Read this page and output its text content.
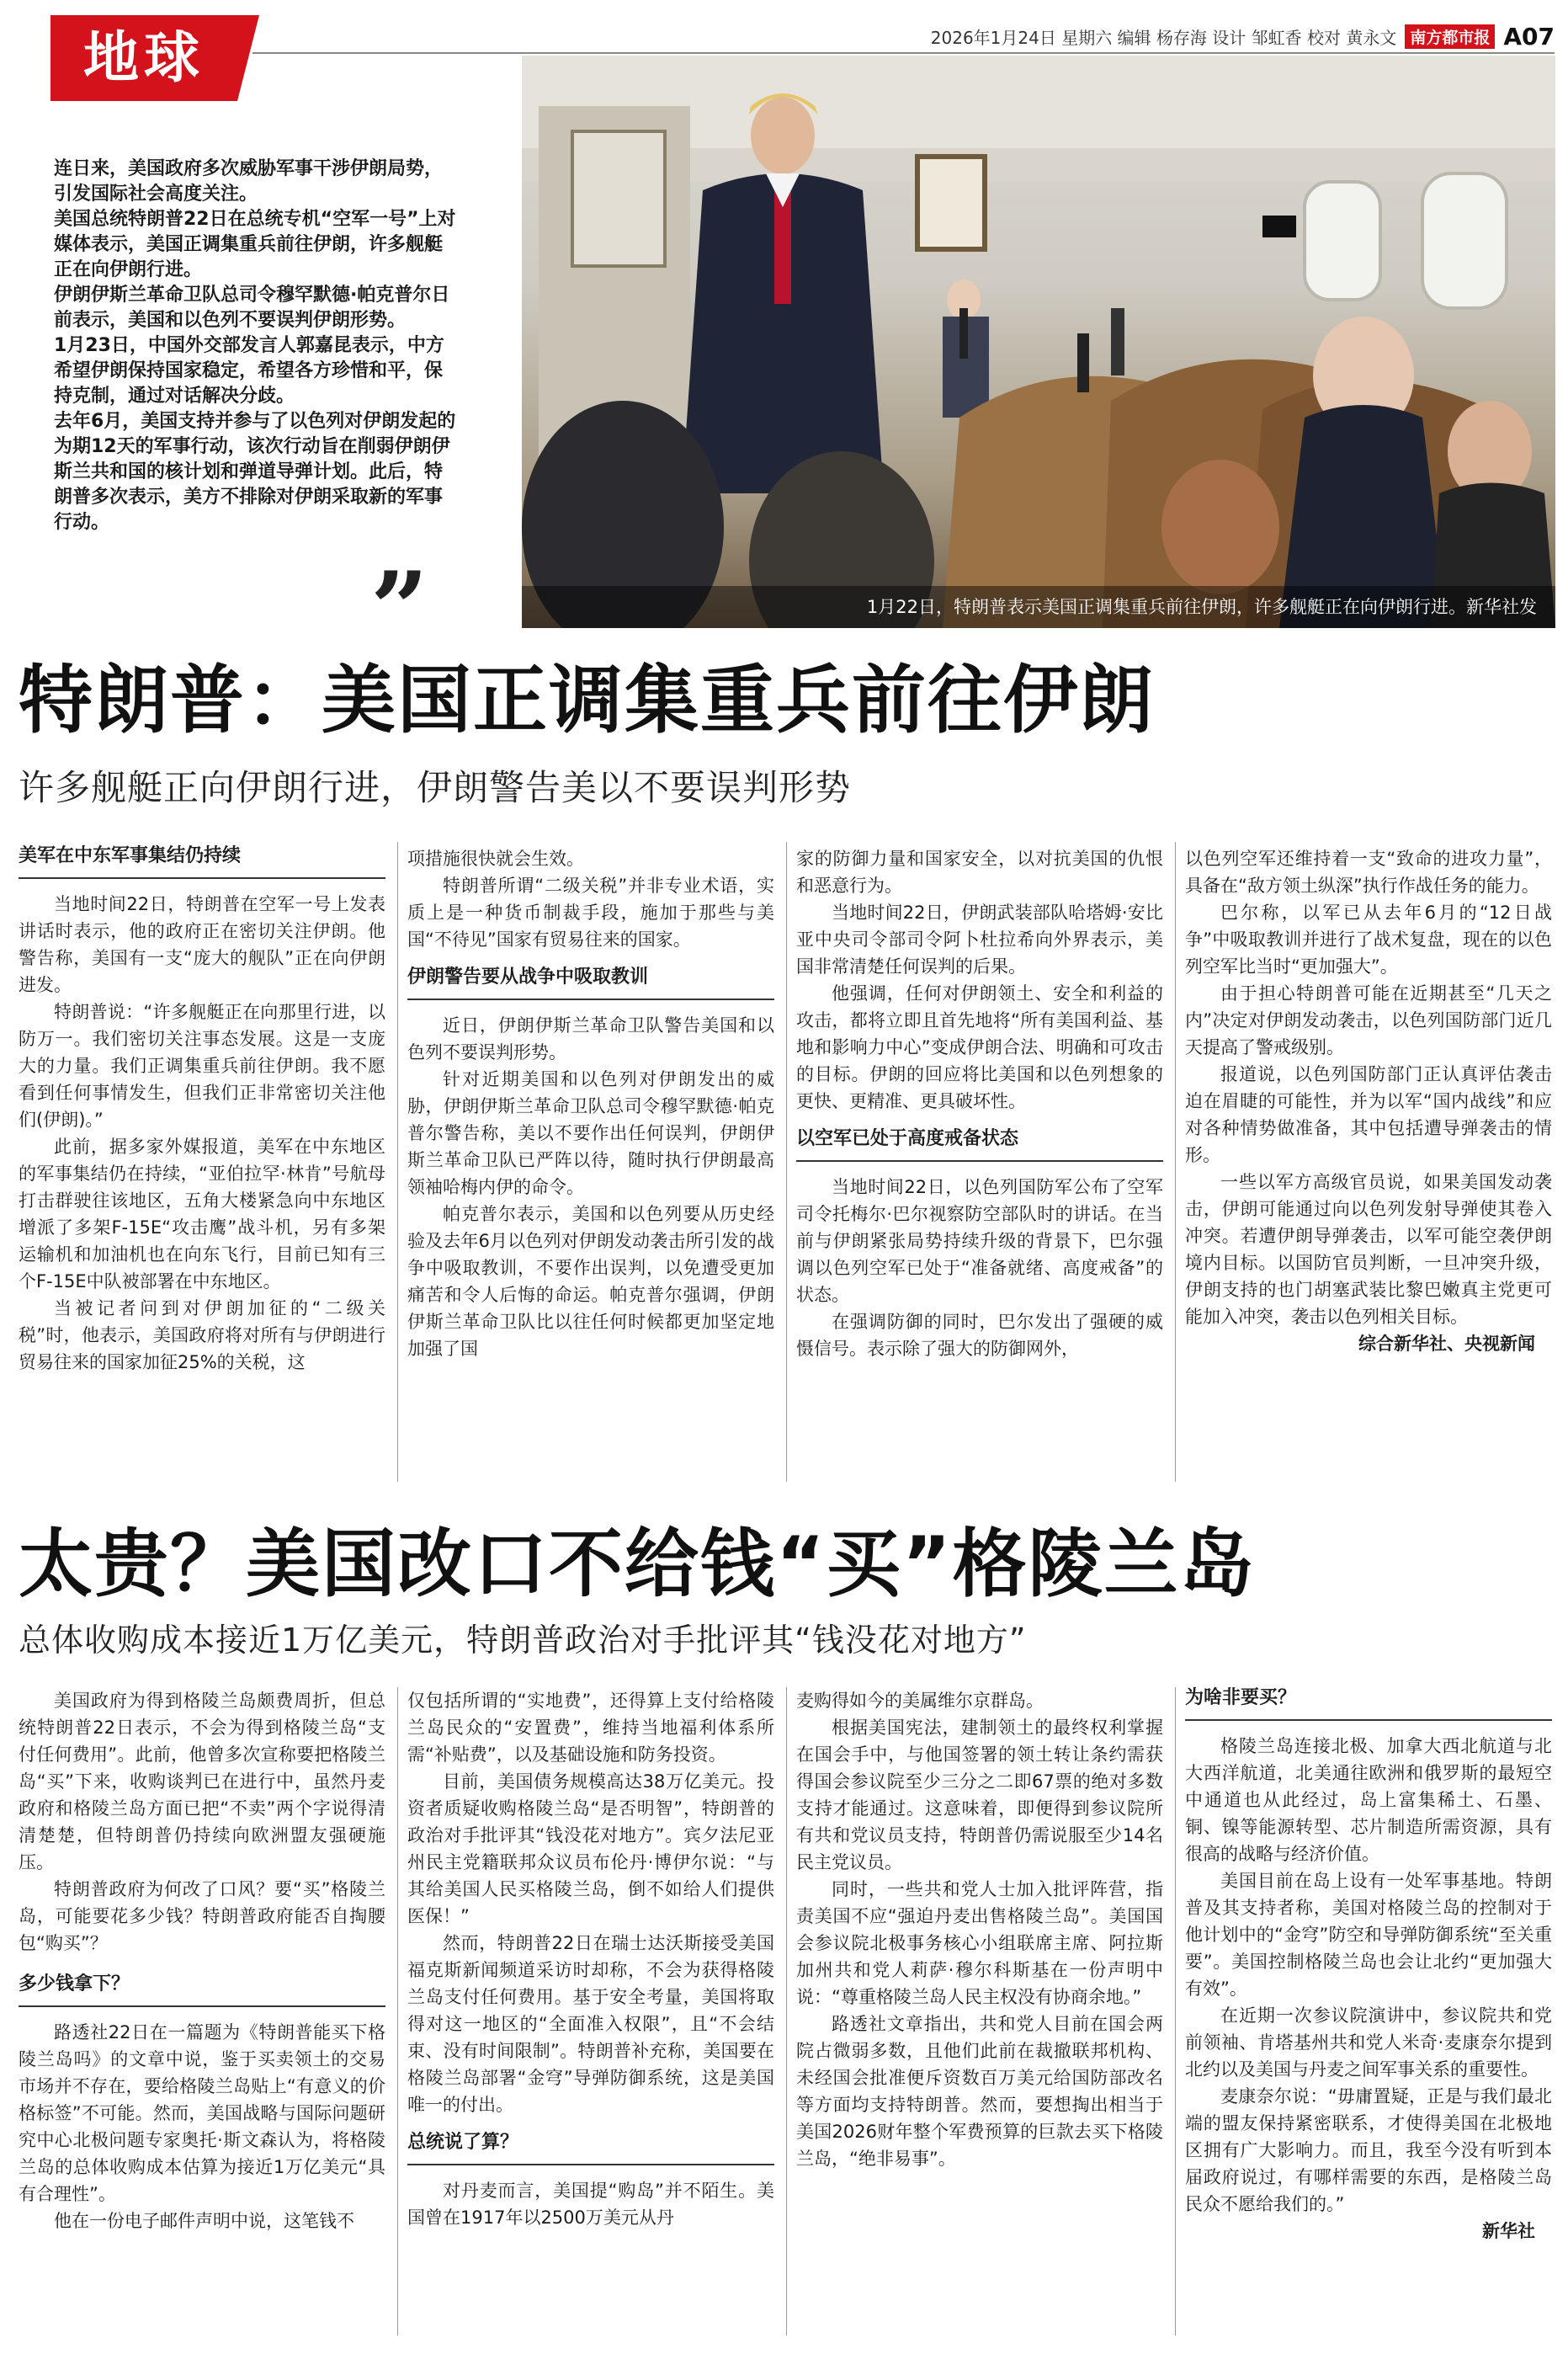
地球	2026年1月24日 星期六 编辑 杨存海 设计 邹虹香 校对 黄永文 南方都市报 A07

连日来，美国政府多次威胁军事干涉伊朗局势，引发国际社会高度关注。

美国总统特朗普22日在总统专机“空军一号”上对媒体表示，美国正调集重兵前往伊朗，许多舰艇正在向伊朗行进。

伊朗伊斯兰革命卫队总司令穆罕默德·帕克普尔日前表示，美国和以色列不要误判伊朗形势。

1月23日，中国外交部发言人郭嘉昆表示，中方希望伊朗保持国家稳定，希望各方珍惜和平，保持克制，通过对话解决分歧。

去年6月，美国支持并参与了以色列对伊朗发起的为期12天的军事行动，该次行动旨在削弱伊朗伊斯兰共和国的核计划和弹道导弹计划。此后，特朗普多次表示，美方不排除对伊朗采取新的军事行动。

”	1月22日，特朗普表示美国正调集重兵前往伊朗，许多舰艇正在向伊朗行进。新华社发
特朗普：美国正调集重兵前往伊朗
许多舰艇正向伊朗行进，伊朗警告美以不要误判形势
美军在中东军事集结仍持续

当地时间22日，特朗普在空军一号上发表讲话时表示，他的政府正在密切关注伊朗。他警告称，美国有一支“庞大的舰队”正在向伊朗进发。

特朗普说：“许多舰艇正在向那里行进，以防万一。我们密切关注事态发展。这是一支庞大的力量。我们正调集重兵前往伊朗。我不愿看到任何事情发生，但我们正非常密切关注他们(伊朗)。”

此前，据多家外媒报道，美军在中东地区的军事集结仍在持续，“亚伯拉罕·林肯”号航母打击群驶往该地区，五角大楼紧急向中东地区增派了多架F-15E“攻击鹰”战斗机，另有多架运输机和加油机也在向东飞行，目前已知有三个F-15E中队被部署在中东地区。

当被记者问到对伊朗加征的“二级关税”时，他表示，美国政府将对所有与伊朗进行贸易往来的国家加征25%的关税，这

项措施很快就会生效。

特朗普所谓“二级关税”并非专业术语，实质上是一种货币制裁手段，施加于那些与美国“不待见”国家有贸易往来的国家。

伊朗警告要从战争中吸取教训

近日，伊朗伊斯兰革命卫队警告美国和以色列不要误判形势。

针对近期美国和以色列对伊朗发出的威胁，伊朗伊斯兰革命卫队总司令穆罕默德·帕克普尔警告称，美以不要作出任何误判，伊朗伊斯兰革命卫队已严阵以待，随时执行伊朗最高领袖哈梅内伊的命令。

帕克普尔表示，美国和以色列要从历史经验及去年6月以色列对伊朗发动袭击所引发的战争中吸取教训，不要作出误判，以免遭受更加痛苦和令人后悔的命运。帕克普尔强调，伊朗伊斯兰革命卫队比以往任何时候都更加坚定地加强了国

家的防御力量和国家安全，以对抗美国的仇恨和恶意行为。

当地时间22日，伊朗武装部队哈塔姆·安比亚中央司令部司令阿卜杜拉希向外界表示，美国非常清楚任何误判的后果。

他强调，任何对伊朗领土、安全和利益的攻击，都将立即且首先地将“所有美国利益、基地和影响力中心”变成伊朗合法、明确和可攻击的目标。伊朗的回应将比美国和以色列想象的更快、更精准、更具破坏性。

以空军已处于高度戒备状态

当地时间22日，以色列国防军公布了空军司令托梅尔·巴尔视察防空部队时的讲话。在当前与伊朗紧张局势持续升级的背景下，巴尔强调以色列空军已处于“准备就绪、高度戒备”的状态。

在强调防御的同时，巴尔发出了强硬的威慑信号。表示除了强大的防御网外，

以色列空军还维持着一支“致命的进攻力量”，具备在“敌方领土纵深”执行作战任务的能力。

巴尔称，以军已从去年6月的“12日战争”中吸取教训并进行了战术复盘，现在的以色列空军比当时“更加强大”。

由于担心特朗普可能在近期甚至“几天之内”决定对伊朗发动袭击，以色列国防部门近几天提高了警戒级别。

报道说，以色列国防部门正认真评估袭击迫在眉睫的可能性，并为以军“国内战线”和应对各种情势做准备，其中包括遭导弹袭击的情形。

一些以军方高级官员说，如果美国发动袭击，伊朗可能通过向以色列发射导弹使其卷入冲突。若遭伊朗导弹袭击，以军可能空袭伊朗境内目标。以国防官员判断，一旦冲突升级，伊朗支持的也门胡塞武装比黎巴嫩真主党更可能加入冲突，袭击以色列相关目标。

综合新华社、央视新闻

太贵？美国改口不给钱“买”格陵兰岛
总体收购成本接近1万亿美元，特朗普政治对手批评其“钱没花对地方”

美国政府为得到格陵兰岛颇费周折，但总统特朗普22日表示，不会为得到格陵兰岛“支付任何费用”。此前，他曾多次宣称要把格陵兰岛“买”下来，收购谈判已在进行中，虽然丹麦政府和格陵兰岛方面已把“不卖”两个字说得清清楚楚，但特朗普仍持续向欧洲盟友强硬施压。

特朗普政府为何改了口风？要“买”格陵兰岛，可能要花多少钱？特朗普政府能否自掏腰包“购买”？

多少钱拿下？

路透社22日在一篇题为《特朗普能买下格陵兰岛吗》的文章中说，鉴于买卖领土的交易市场并不存在，要给格陵兰岛贴上“有意义的价格标签”不可能。然而，美国战略与国际问题研究中心北极问题专家奥托·斯文森认为，将格陵兰岛的总体收购成本估算为接近1万亿美元“具有合理性”。

他在一份电子邮件声明中说，这笔钱不

仅包括所谓的“实地费”，还得算上支付给格陵兰岛民众的“安置费”，维持当地福利体系所需“补贴费”，以及基础设施和防务投资。

目前，美国债务规模高达38万亿美元。投资者质疑收购格陵兰岛“是否明智”，特朗普的政治对手批评其“钱没花对地方”。宾夕法尼亚州民主党籍联邦众议员布伦丹·博伊尔说：“与其给美国人民买格陵兰岛，倒不如给人们提供医保！”

然而，特朗普22日在瑞士达沃斯接受美国福克斯新闻频道采访时却称，不会为获得格陵兰岛支付任何费用。基于安全考量，美国将取得对这一地区的“全面准入权限”，且“不会结束、没有时间限制”。特朗普补充称，美国要在格陵兰岛部署“金穹”导弹防御系统，这是美国唯一的付出。

总统说了算？

对丹麦而言，美国提“购岛”并不陌生。美国曾在1917年以2500万美元从丹

麦购得如今的美属维尔京群岛。

根据美国宪法，建制领土的最终权利掌握在国会手中，与他国签署的领土转让条约需获得国会参议院至少三分之二即67票的绝对多数支持才能通过。这意味着，即便得到参议院所有共和党议员支持，特朗普仍需说服至少14名民主党议员。

同时，一些共和党人士加入批评阵营，指责美国不应“强迫丹麦出售格陵兰岛”。美国国会参议院北极事务核心小组联席主席、阿拉斯加州共和党人莉萨·穆尔科斯基在一份声明中说：“尊重格陵兰岛人民主权没有协商余地。”

路透社文章指出，共和党人目前在国会两院占微弱多数，且他们此前在裁撤联邦机构、未经国会批准便斥资数百万美元给国防部改名等方面均支持特朗普。然而，要想掏出相当于美国2026财年整个军费预算的巨款去买下格陵兰岛，“绝非易事”。

为啥非要买？

格陵兰岛连接北极、加拿大西北航道与北大西洋航道，北美通往欧洲和俄罗斯的最短空中通道也从此经过，岛上富集稀土、石墨、铜、镍等能源转型、芯片制造所需资源，具有很高的战略与经济价值。

美国目前在岛上设有一处军事基地。特朗普及其支持者称，美国对格陵兰岛的控制对于他计划中的“金穹”防空和导弹防御系统“至关重要”。美国控制格陵兰岛也会让北约“更加强大有效”。

在近期一次参议院演讲中，参议院共和党前领袖、肯塔基州共和党人米奇·麦康奈尔提到北约以及美国与丹麦之间军事关系的重要性。

麦康奈尔说：“毋庸置疑，正是与我们最北端的盟友保持紧密联系，才使得美国在北极地区拥有广大影响力。而且，我至今没有听到本届政府说过，有哪样需要的东西，是格陵兰岛民众不愿给我们的。”

新华社
